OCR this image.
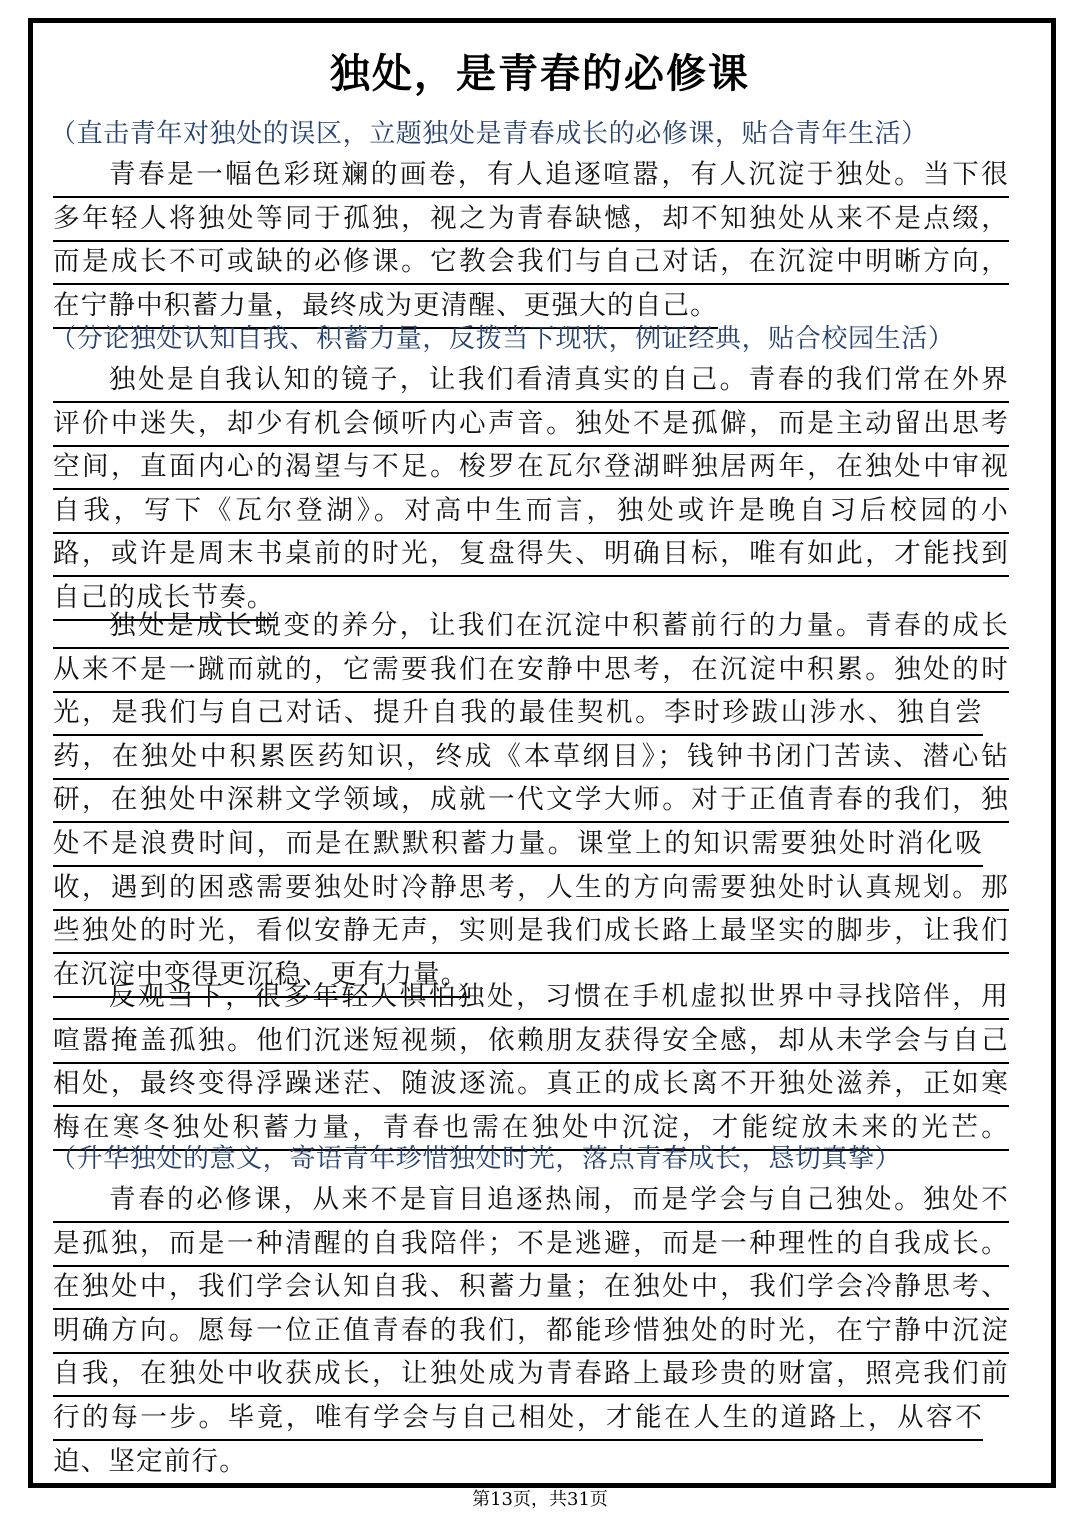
独处，是青春的必修课
（直击青年对独处的误区，立题独处是青春成长的必修课，贴合青年生活）
青春是一幅色彩斑斓的画卷，有人追逐喧嚣，有人沉淀于独处。当下很
多年轻人将独处等同于孤独，视之为青春缺憾，却不知独处从来不是点缀，
而是成长不可或缺的必修课。它教会我们与自己对话，在沉淀中明晰方向，
在宁静中积蓄力量，最终成为更清醒、更强大的自己。
（分论独处认知自我、积蓄力量，反拨当下现状，例证经典，贴合校园生活）
独处是自我认知的镜子，让我们看清真实的自己。青春的我们常在外界
评价中迷失，却少有机会倾听内心声音。独处不是孤僻，而是主动留出思考
空间，直面内心的渴望与不足。梭罗在瓦尔登湖畔独居两年，在独处中审视
自我，写下《瓦尔登湖》。对高中生而言，独处或许是晚自习后校园的小
路，或许是周末书桌前的时光，复盘得失、明确目标，唯有如此，才能找到
自己的成长节奏。
独处是成长蜕变的养分，让我们在沉淀中积蓄前行的力量。青春的成长
从来不是一蹴而就的，它需要我们在安静中思考，在沉淀中积累。独处的时
光，是我们与自己对话、提升自我的最佳契机。李时珍跋山涉水、独自尝
药，在独处中积累医药知识，终成《本草纲目》；钱钟书闭门苦读、潜心钻
研，在独处中深耕文学领域，成就一代文学大师。对于正值青春的我们，独
处不是浪费时间，而是在默默积蓄力量。课堂上的知识需要独处时消化吸
收，遇到的困惑需要独处时冷静思考，人生的方向需要独处时认真规划。那
些独处的时光，看似安静无声，实则是我们成长路上最坚实的脚步，让我们
在沉淀中变得更沉稳、更有力量。
反观当下，很多年轻人惧怕独处，习惯在手机虚拟世界中寻找陪伴，用
喧嚣掩盖孤独。他们沉迷短视频，依赖朋友获得安全感，却从未学会与自己
相处，最终变得浮躁迷茫、随波逐流。真正的成长离不开独处滋养，正如寒
梅在寒冬独处积蓄力量，青春也需在独处中沉淀，才能绽放未来的光芒。
（升华独处的意义，寄语青年珍惜独处时光，落点青春成长，恳切真挚）
青春的必修课，从来不是盲目追逐热闹，而是学会与自己独处。独处不
是孤独，而是一种清醒的自我陪伴；不是逃避，而是一种理性的自我成长。
在独处中，我们学会认知自我、积蓄力量；在独处中，我们学会冷静思考、
明确方向。愿每一位正值青春的我们，都能珍惜独处的时光，在宁静中沉淀
自我，在独处中收获成长，让独处成为青春路上最珍贵的财富，照亮我们前
行的每一步。毕竟，唯有学会与自己相处，才能在人生的道路上，从容不
迫、坚定前行。
第13页，共31页
